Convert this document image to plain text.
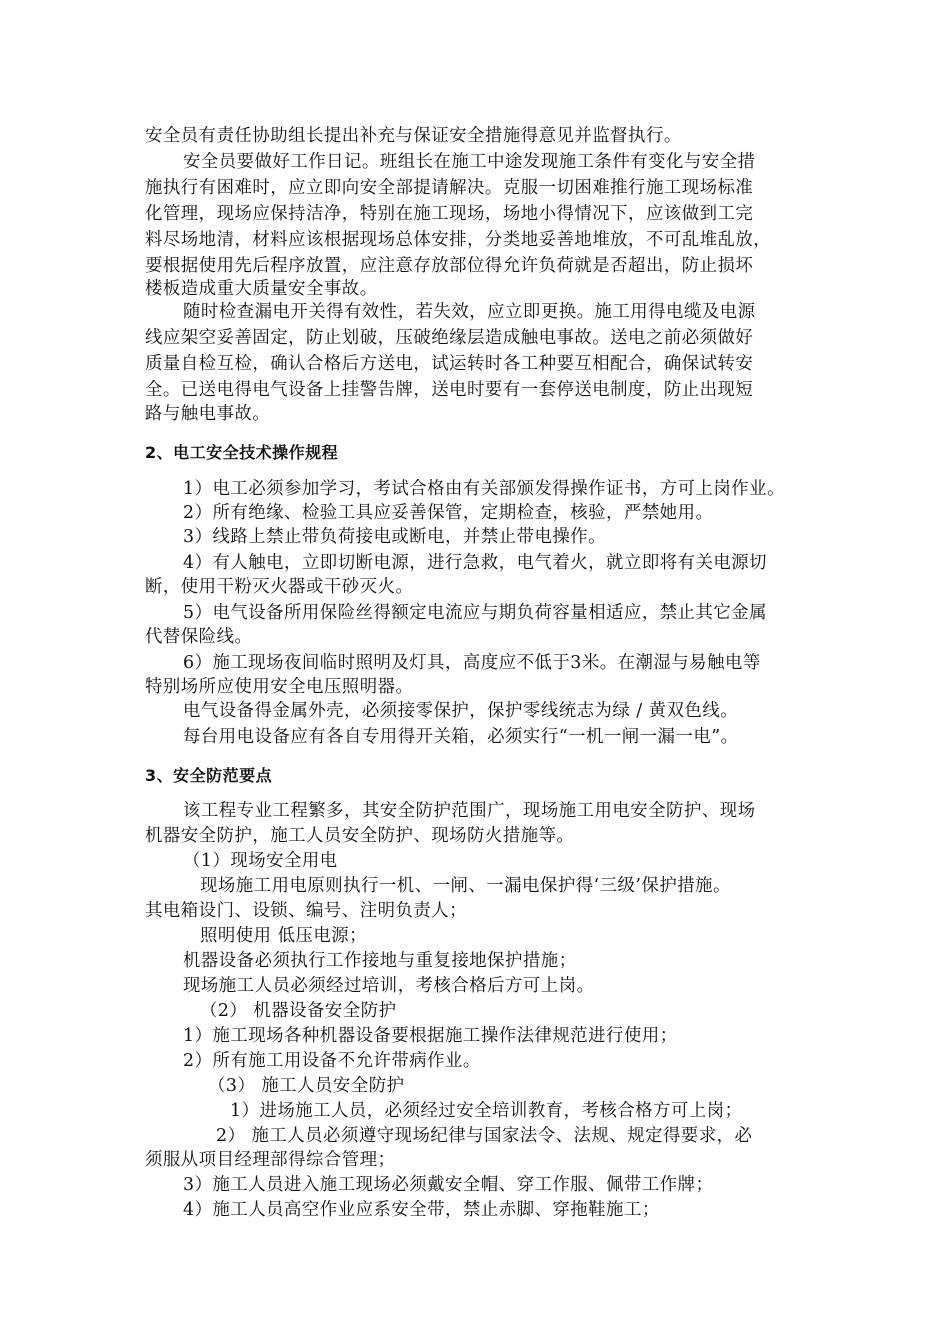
安全员有责任协助组长提出补充与保证安全措施得意见并监督执行。

安全员要做好工作日记。班组长在施工中途发现施工条件有变化与安全措

施执行有困难时，应立即向安全部提请解决。克服一切困难推行施工现场标准

化管理，现场应保持洁净，特别在施工现场，场地小得情况下，应该做到工完

料尽场地清，材料应该根据现场总体安排，分类地妥善地堆放，不可乱堆乱放，

要根据使用先后程序放置，应注意存放部位得允许负荷就是否超出，防止损坏

楼板造成重大质量安全事故。

随时检查漏电开关得有效性，若失效，应立即更换。施工用得电缆及电源

线应架空妥善固定，防止划破，压破绝缘层造成触电事故。送电之前必须做好

质量自检互检，确认合格后方送电，试运转时各工种要互相配合，确保试转安

全。已送电得电气设备上挂警告牌，送电时要有一套停送电制度，防止出现短

路与触电事故。

2、电工安全技术操作规程

1）电工必须参加学习，考试合格由有关部颁发得操作证书，方可上岗作业。

2）所有绝缘、检验工具应妥善保管，定期检查，核验，严禁她用。

3）线路上禁止带负荷接电或断电，并禁止带电操作。

4）有人触电，立即切断电源，进行急救，电气着火，就立即将有关电源切

断，使用干粉灭火器或干砂灭火。

5）电气设备所用保险丝得额定电流应与期负荷容量相适应，禁止其它金属

代替保险线。

6）施工现场夜间临时照明及灯具，高度应不低于3米。在潮湿与易触电等

特别场所应使用安全电压照明器。

电气设备得金属外壳，必须接零保护，保护零线统志为绿 / 黄双色线。

每台用电设备应有各自专用得开关箱，必须实行“一机一闸一漏一电”。

3、安全防范要点

该工程专业工程繁多，其安全防护范围广，现场施工用电安全防护、现场

机器安全防护，施工人员安全防护、现场防火措施等。

（1）现场安全用电

现场施工用电原则执行一机、一闸、一漏电保护得‘三级’保护措施。

其电箱设门、设锁、编号、注明负责人；

照明使用 低压电源；

机器设备必须执行工作接地与重复接地保护措施；

现场施工人员必须经过培训，考核合格后方可上岗。

（2） 机器设备安全防护

1）施工现场各种机器设备要根据施工操作法律规范进行使用；

2）所有施工用设备不允许带病作业。

（3） 施工人员安全防护

1）进场施工人员，必须经过安全培训教育，考核合格方可上岗；

2） 施工人员必须遵守现场纪律与国家法令、法规、规定得要求，必

须服从项目经理部得综合管理；

3）施工人员进入施工现场必须戴安全帽、穿工作服、佩带工作牌；

4）施工人员高空作业应系安全带，禁止赤脚、穿拖鞋施工；
